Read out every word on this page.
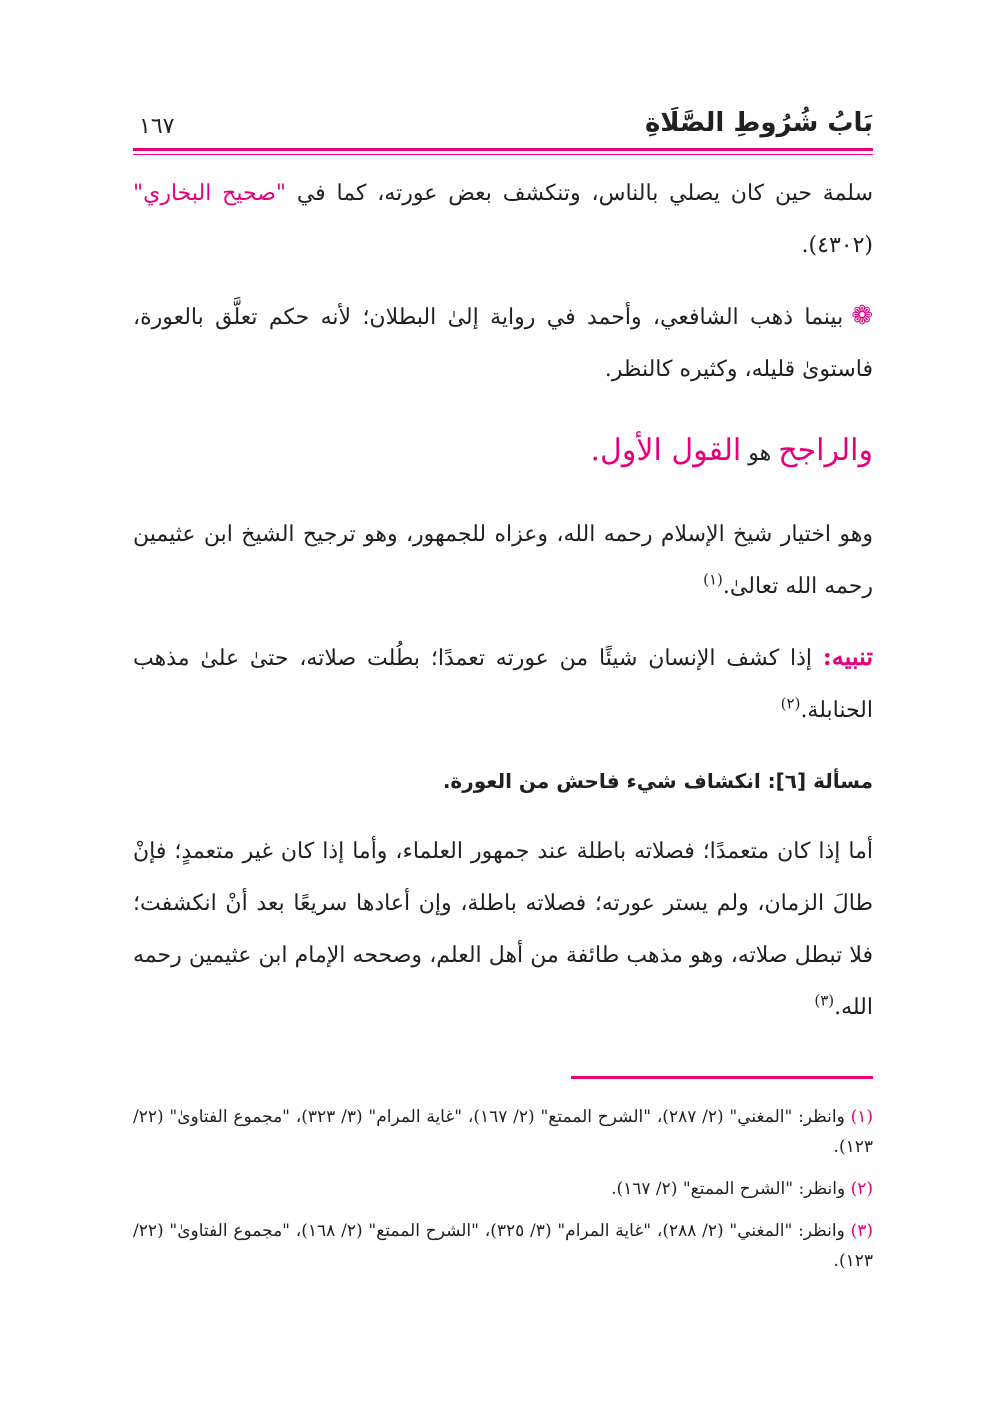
بَابُ شُرُوطِ الصَّلَاةِ
١٦٧

سلمة حين كان يصلي بالناس، وتنكشف بعض عورته، كما في "صحيح البخاري" (٤٣٠٢).

❁بينما ذهب الشافعي، وأحمد في رواية إلىٰ البطلان؛ لأنه حكم تعلَّق بالعورة، فاستوىٰ قليله، وكثيره كالنظر.

والراجح هو القول الأول.

وهو اختيار شيخ الإسلام رحمه الله، وعزاه للجمهور، وهو ترجيح الشيخ ابن عثيمين رحمه الله تعالىٰ.$^{(١)}$

تنبيه: إذا كشف الإنسان شيئًا من عورته تعمدًا؛ بطُلت صلاته، حتىٰ علىٰ مذهب الحنابلة.$^{(٢)}$

مسألة [٦]: انكشاف شيء فاحش من العورة.

أما إذا كان متعمدًا؛ فصلاته باطلة عند جمهور العلماء، وأما إذا كان غير متعمدٍ؛ فإنْ طالَ الزمان، ولم يستر عورته؛ فصلاته باطلة، وإن أعادها سريعًا بعد أنْ انكشفت؛ فلا تبطل صلاته، وهو مذهب طائفة من أهل العلم، وصححه الإمام ابن عثيمين رحمه الله.$^{(٣)}$

(١) وانظر: "المغني" (٢/ ٢٨٧)، "الشرح الممتع" (٢/ ١٦٧)، "غاية المرام" (٣/ ٣٢٣)، "مجموع الفتاوىٰ" (٢٢/ ١٢٣).

(٢) وانظر: "الشرح الممتع" (٢/ ١٦٧).

(٣) وانظر: "المغني" (٢/ ٢٨٨)، "غاية المرام" (٣/ ٣٢٥)، "الشرح الممتع" (٢/ ١٦٨)، "مجموع الفتاوىٰ" (٢٢/ ١٢٣).
